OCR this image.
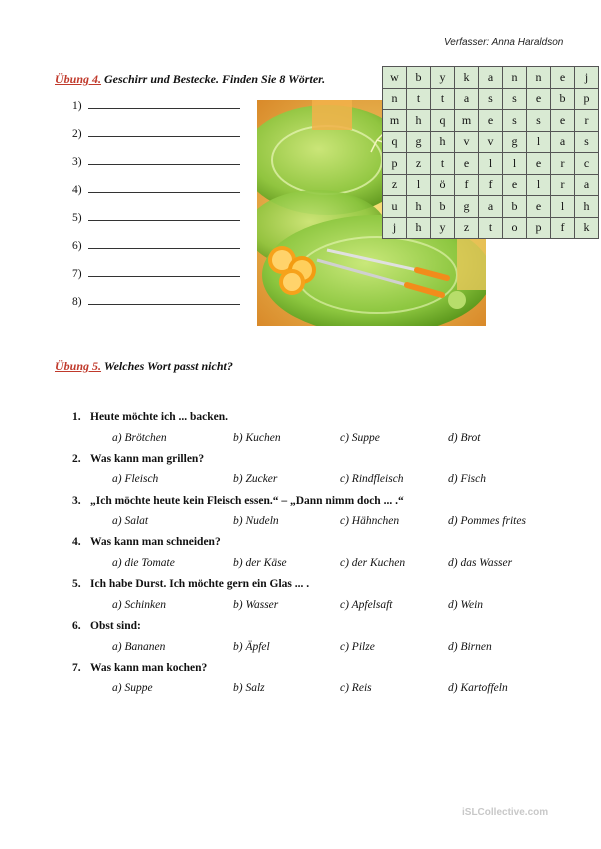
Verfasser: Anna Haraldson
Übung 4. Geschirr und Bestecke. Finden Sie 8 Wörter.
1)
2)
3)
4)
5)
6)
7)
8)
w	b	y	k	a	n	n	e	j
n	t	t	a	s	s	e	b	p
m	h	q	m	e	s	s	e	r
q	g	h	v	v	g	l	a	s
p	z	t	e	l	l	e	r	c
z	l	ö	f	f	e	l	r	a
u	h	b	g	a	b	e	l	h
j	h	y	z	t	o	p	f	k
Übung 5. Welches Wort passt nicht?
1. Heute möchte ich ... backen.
a) Brötchen	b) Kuchen	c) Suppe	d) Brot
2. Was kann man grillen?
a) Fleisch	b) Zucker	c) Rindfleisch	d) Fisch
3. „Ich möchte heute kein Fleisch essen.“ – „Dann nimm doch ... .“
a) Salat	b) Nudeln	c) Hähnchen	d) Pommes frites
4. Was kann man schneiden?
a) die Tomate	b) der Käse	c) der Kuchen	d) das Wasser
5. Ich habe Durst. Ich möchte gern ein Glas ... .
a) Schinken	b) Wasser	c) Apfelsaft	d) Wein
6. Obst sind:
a) Bananen	b) Äpfel	c) Pilze	d) Birnen
7. Was kann man kochen?
a) Suppe	b) Salz	c) Reis	d) Kartoffeln
iSLCollective.com
